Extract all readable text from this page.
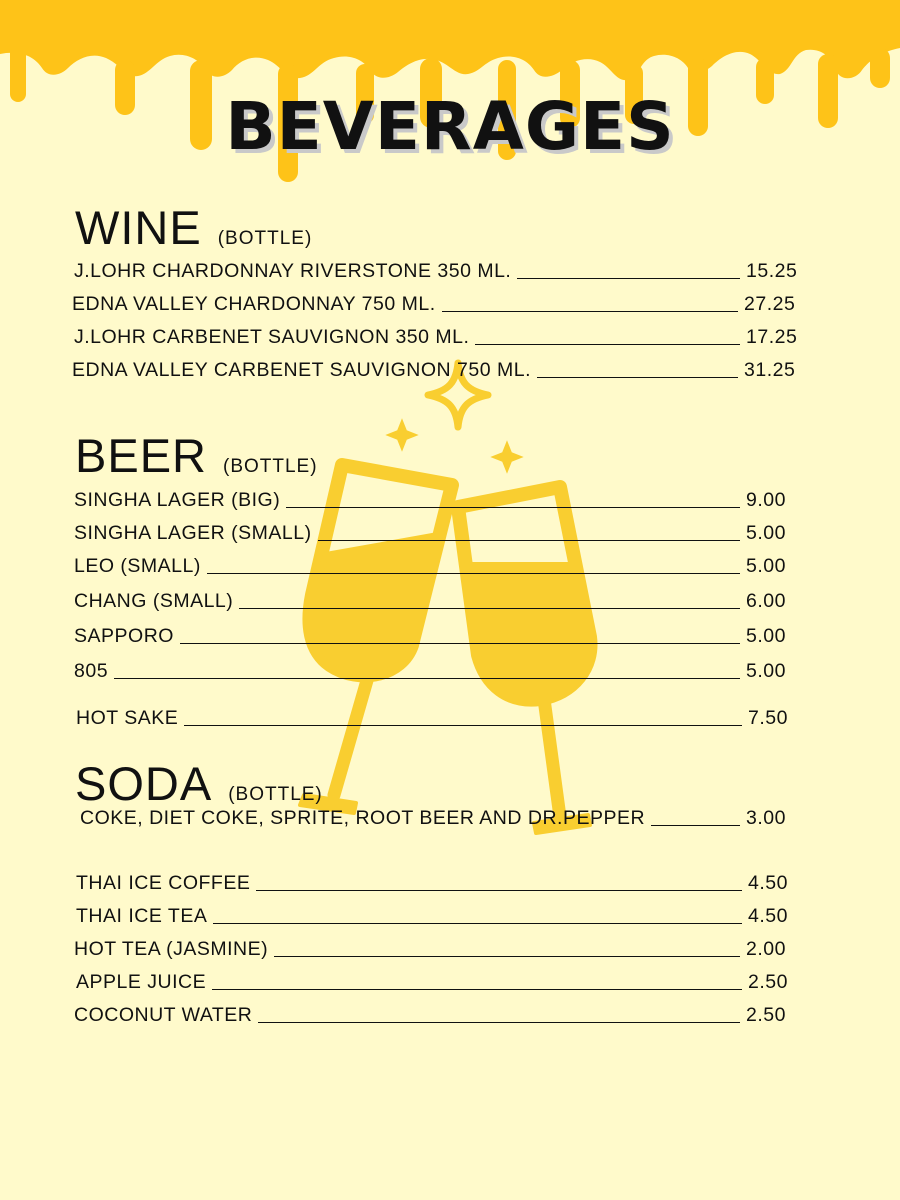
BEVERAGES
WINE (BOTTLE)
J.LOHR CHARDONNAY RIVERSTONE 350 ML.	15.25
EDNA VALLEY CHARDONNAY 750 ML.	27.25
J.LOHR CARBENET SAUVIGNON 350 ML.	17.25
EDNA VALLEY CARBENET SAUVIGNON 750 ML.	31.25
BEER (BOTTLE)
SINGHA LAGER (BIG)	9.00
SINGHA LAGER (SMALL)	5.00
LEO (SMALL)	5.00
CHANG (SMALL)	6.00
SAPPORO	5.00
805	5.00
HOT SAKE	7.50
SODA (BOTTLE)
COKE, DIET COKE, SPRITE, ROOT BEER AND DR.PEPPER	3.00
THAI ICE COFFEE	4.50
THAI ICE TEA	4.50
HOT TEA (JASMINE)	2.00
APPLE JUICE	2.50
COCONUT WATER	2.50
